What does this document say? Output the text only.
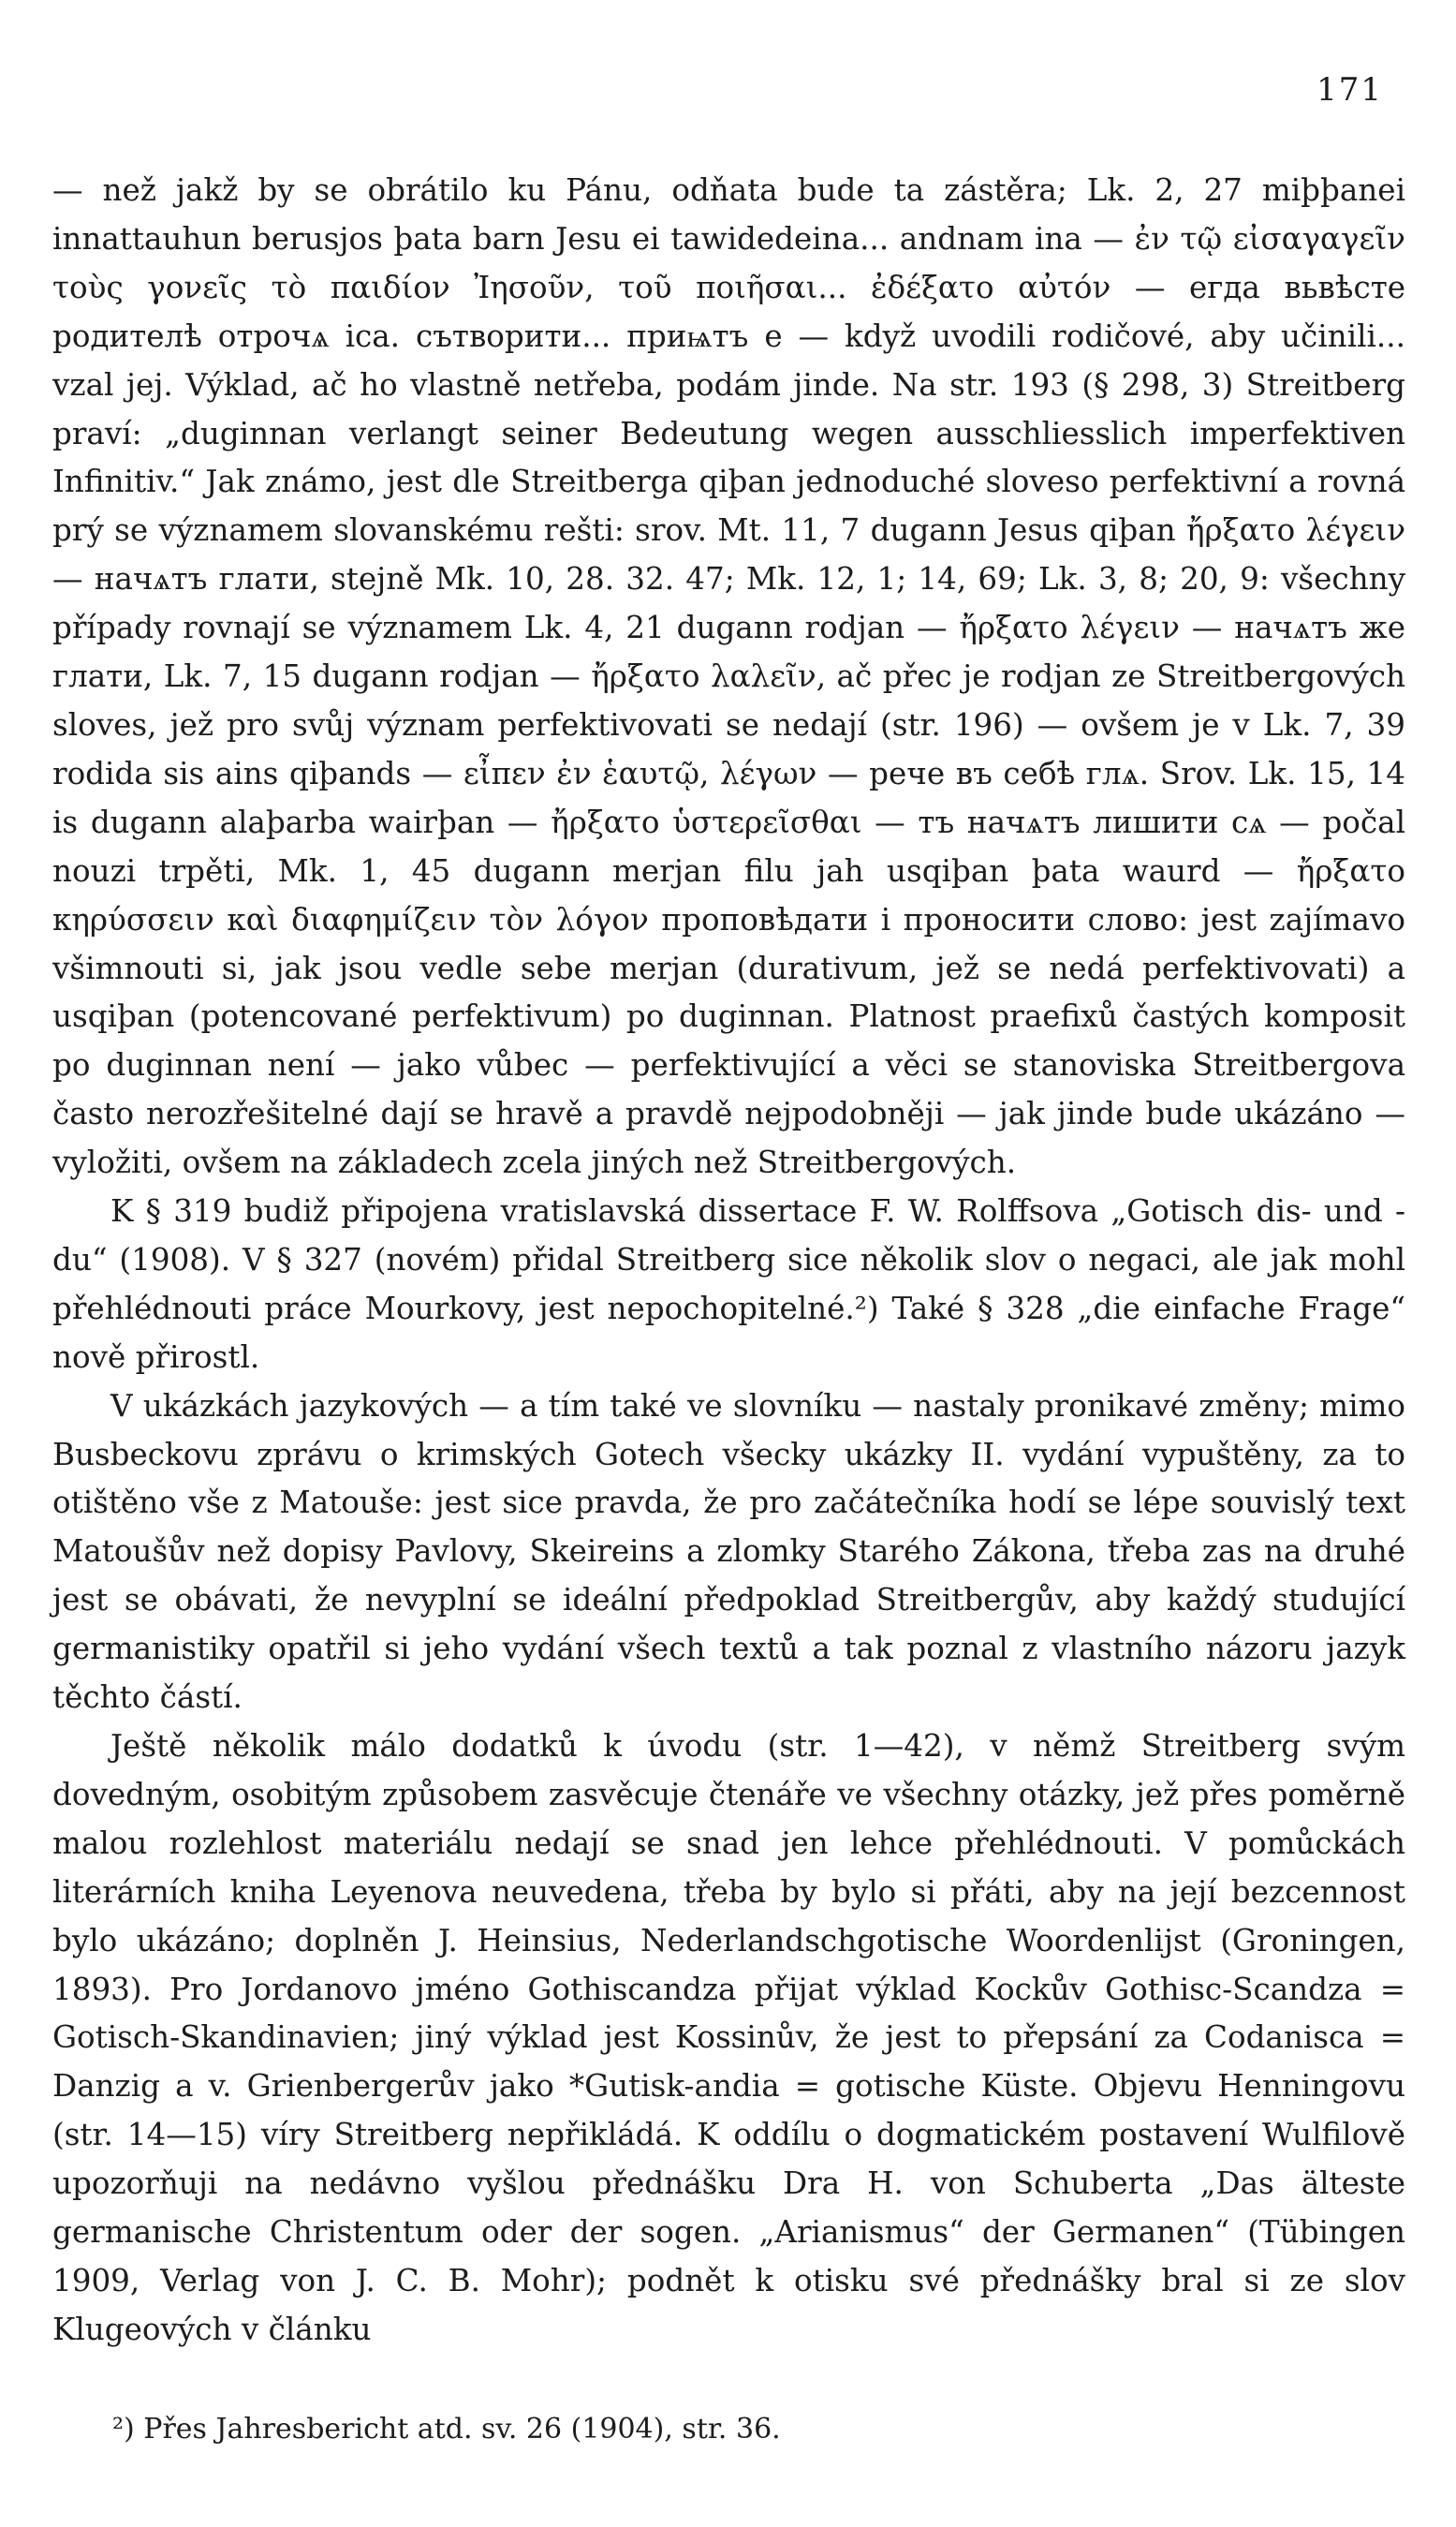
171

— než jakž by se obrátilo ku Pánu, odňata bude ta zástěra; Lk. 2, 27 miþþanei innattauhun berusjos þata barn Jesu ei tawidedeina... andnam ina — ἐν τῷ εἰσαγαγεῖν τοὺς γονεῖς τὸ παιδίον Ἰησοῦν, τοῦ ποιῆσαι... ἐδέξατο αὐτόν — егда вьвѣсте родителѣ отрочѧ іса. сътворити... приѩтъ е — když uvodili rodičové, aby učinili... vzal jej. Výklad, ač ho vlastně netřeba, podám jinde. Na str. 193 (§ 298, 3) Streitberg praví: „duginnan verlangt seiner Bedeutung wegen ausschliesslich imperfektiven Infinitiv.“ Jak známo, jest dle Streitberga qiþan jednoduché sloveso perfektivní a rovná prý se významem slovanskému rešti: srov. Mt. 11, 7 dugann Jesus qiþan ἤρξατο λέγειν — начѧтъ глати, stejně Mk. 10, 28. 32. 47; Mk. 12, 1; 14, 69; Lk. 3, 8; 20, 9: všechny případy rovnají se významem Lk. 4, 21 dugann rodjan — ἤρξατο λέγειν — начѧтъ же глати, Lk. 7, 15 dugann rodjan — ἤρξατο λαλεῖν, ač přec je rodjan ze Streitbergových sloves, jež pro svůj význam perfektivovati se nedají (str. 196) — ovšem je v Lk. 7, 39 rodida sis ains qiþands — εἶπεν ἐν ἑαυτῷ, λέγων — рече въ себѣ глѧ. Srov. Lk. 15, 14 is dugann alaþarba wairþan — ἤρξατο ὑστερεῖσθαι — тъ начѧтъ лишити сѧ — počal nouzi trpěti, Mk. 1, 45 dugann merjan filu jah usqiþan þata waurd — ἤρξατο κηρύσσειν καὶ διαφημίζειν τὸν λόγον проповѣдати і проносити слово: jest zajímavo všimnouti si, jak jsou vedle sebe merjan (durativum, jež se nedá perfektivovati) a usqiþan (potencované perfektivum) po duginnan. Platnost praefixů častých komposit po duginnan není — jako vůbec — perfektivující a věci se stanoviska Streitbergova často nerozřešitelné dají se hravě a pravdě nejpodobněji — jak jinde bude ukázáno — vyložiti, ovšem na základech zcela jiných než Streitbergových.

K § 319 budiž připojena vratislavská dissertace F. W. Rolffsova „Gotisch dis- und -du“ (1908). V § 327 (novém) přidal Streitberg sice několik slov o negaci, ale jak mohl přehlédnouti práce Mourkovy, jest nepochopitelné.²) Také § 328 „die einfache Frage“ nově přirostl.

V ukázkách jazykových — a tím také ve slovníku — nastaly pronikavé změny; mimo Busbeckovu zprávu o krimských Gotech všecky ukázky II. vydání vypuštěny, za to otištěno vše z Matouše: jest sice pravda, že pro začátečníka hodí se lépe souvislý text Matoušův než dopisy Pavlovy, Skeireins a zlomky Starého Zákona, třeba zas na druhé jest se obávati, že nevyplní se ideální předpoklad Streitbergův, aby každý studující germanistiky opatřil si jeho vydání všech textů a tak poznal z vlastního názoru jazyk těchto částí.

Ještě několik málo dodatků k úvodu (str. 1—42), v němž Streitberg svým dovedným, osobitým způsobem zasvěcuje čtenáře ve všechny otázky, jež přes poměrně malou rozlehlost materiálu nedají se snad jen lehce přehlédnouti. V pomůckách literárních kniha Leyenova neuvedena, třeba by bylo si přáti, aby na její bezcennost bylo ukázáno; doplněn J. Heinsius, Nederlandschgotische Woordenlijst (Groningen, 1893). Pro Jordanovo jméno Gothiscandza přijat výklad Kockův Gothisc-Scandza = Gotisch-Skandinavien; jiný výklad jest Kossinův, že jest to přepsání za Codanisca = Danzig a v. Grienbergerův jako *Gutisk-andia = gotische Küste. Objevu Henningovu (str. 14—15) víry Streitberg nepřikládá. K oddílu o dogmatickém postavení Wulfilově upozorňuji na nedávno vyšlou přednášku Dra H. von Schuberta „Das älteste germanische Christentum oder der sogen. „Arianismus“ der Germanen“ (Tübingen 1909, Verlag von J. C. B. Mohr); podnět k otisku své přednášky bral si ze slov Klugeových v článku

²) Přes Jahresbericht atd. sv. 26 (1904), str. 36.
